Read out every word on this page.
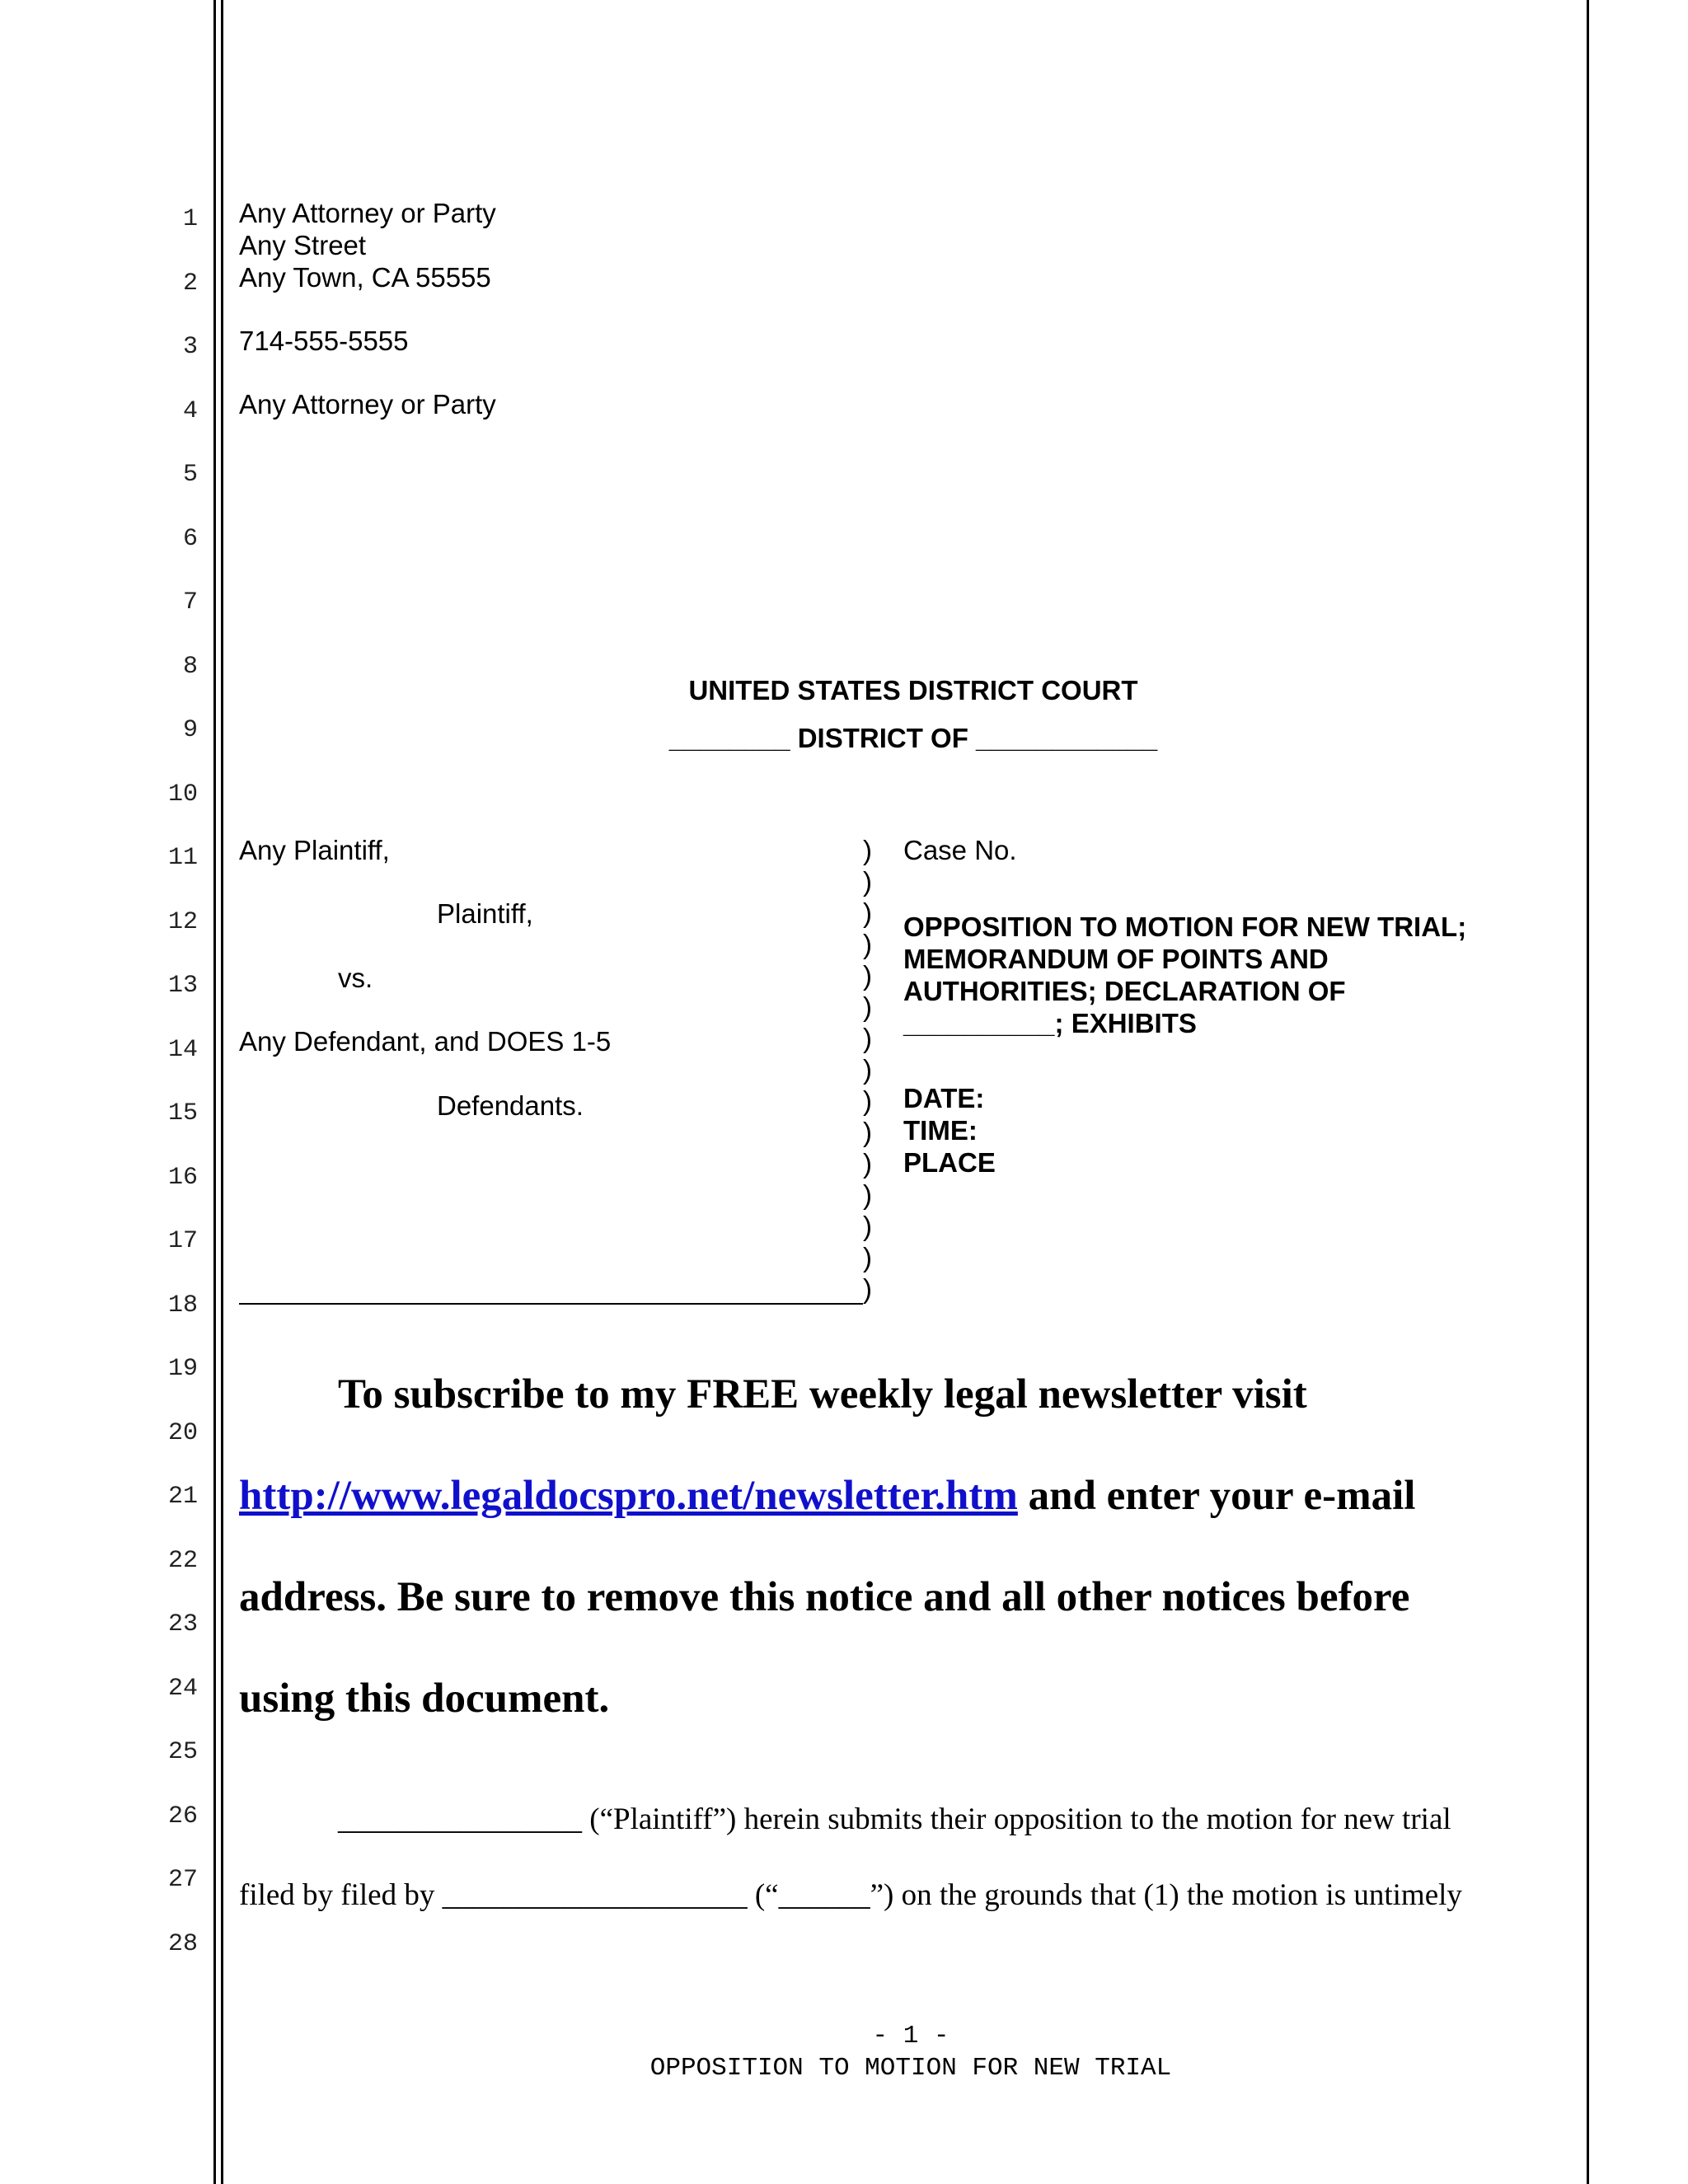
1
2
3
4
5
6
7
8
9
10
11
12
13
14
15
16
17
18
19
20
21
22
23
24
25
26
27
28
Any Attorney or Party
Any Street
Any Town, CA 55555
714-555-5555
Any Attorney or Party
UNITED STATES DISTRICT COURT
________ DISTRICT OF ____________
Any Plaintiff,
Plaintiff,
vs.
Any Defendant, and DOES 1-5
Defendants.
)
)
)
)
)
)
)
)
)
)
)
)
)
)
)
Case No.
OPPOSITION TO MOTION FOR NEW TRIAL;
MEMORANDUM OF POINTS AND
AUTHORITIES; DECLARATION OF
__________; EXHIBITS
DATE:
TIME:
PLACE
To subscribe to my FREE weekly legal newsletter visit
http://www.legaldocspro.net/newsletter.htm and enter your e-mail
address. Be sure to remove this notice and all other notices before
using this document.
________________ (“Plaintiff”) herein submits their opposition to the motion for new trial
filed by filed by ____________________ (“______”) on the grounds that (1) the motion is untimely
- 1 -
OPPOSITION TO MOTION FOR NEW TRIAL
